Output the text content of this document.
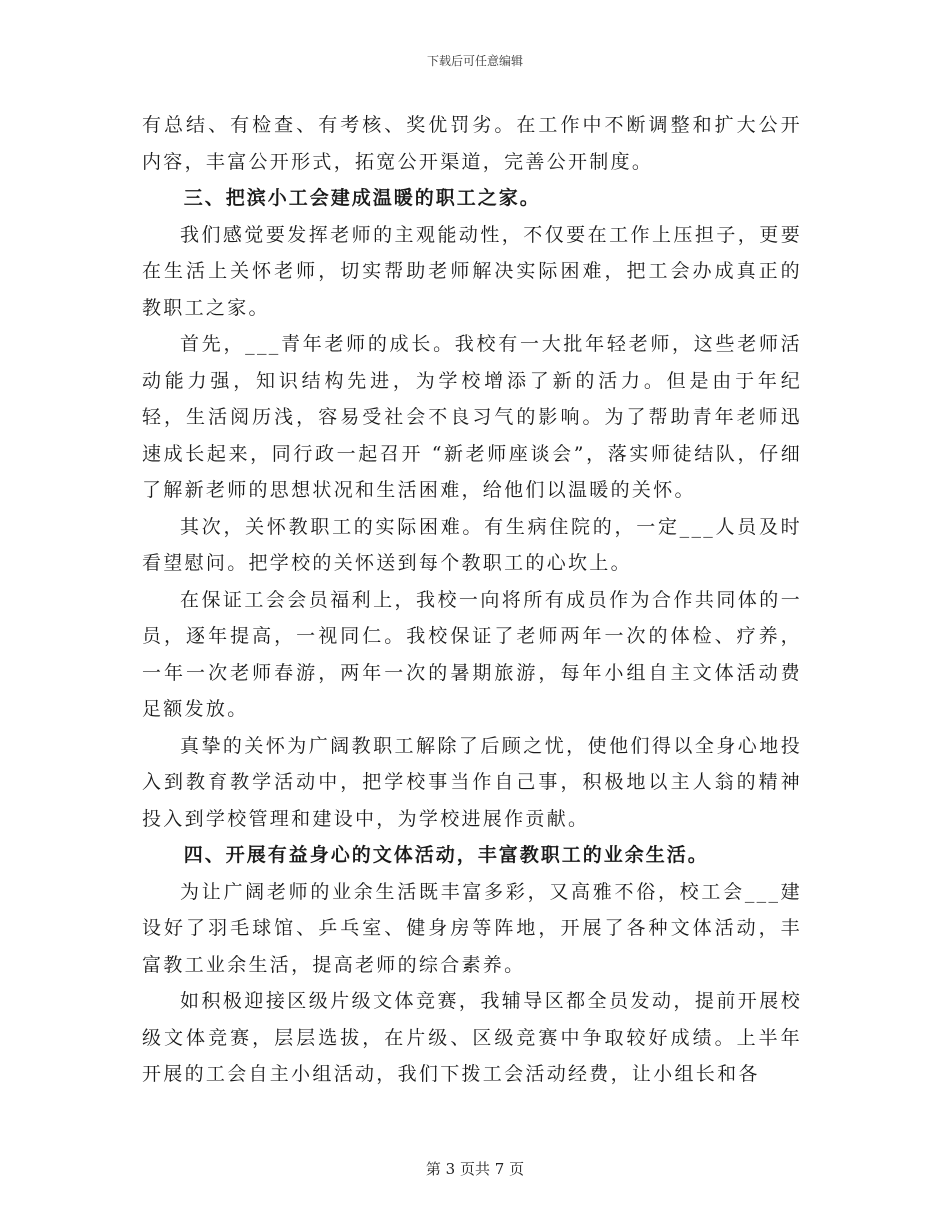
下载后可任意编辑

有总结、有检查、有考核、奖优罚劣。在工作中不断调整和扩大公开内容，丰富公开形式，拓宽公开渠道，完善公开制度。

三、把滨小工会建成温暖的职工之家。

我们感觉要发挥老师的主观能动性，不仅要在工作上压担子，更要在生活上关怀老师，切实帮助老师解决实际困难，把工会办成真正的教职工之家。

首先，___青年老师的成长。我校有一大批年轻老师，这些老师活动能力强，知识结构先进，为学校增添了新的活力。但是由于年纪轻，生活阅历浅，容易受社会不良习气的影响。为了帮助青年老师迅速成长起来，同行政一起召开 “新老师座谈会”，落实师徒结队，仔细了解新老师的思想状况和生活困难，给他们以温暖的关怀。

其次，关怀教职工的实际困难。有生病住院的，一定___人员及时看望慰问。把学校的关怀送到每个教职工的心坎上。

在保证工会会员福利上，我校一向将所有成员作为合作共同体的一员，逐年提高，一视同仁。我校保证了老师两年一次的体检、疗养，一年一次老师春游，两年一次的暑期旅游，每年小组自主文体活动费足额发放。

真挚的关怀为广阔教职工解除了后顾之忧，使他们得以全身心地投入到教育教学活动中，把学校事当作自己事，积极地以主人翁的精神投入到学校管理和建设中，为学校进展作贡献。

四、开展有益身心的文体活动，丰富教职工的业余生活。

为让广阔老师的业余生活既丰富多彩，又高雅不俗，校工会___建设好了羽毛球馆、乒乓室、健身房等阵地，开展了各种文体活动，丰富教工业余生活，提高老师的综合素养。

如积极迎接区级片级文体竞赛，我辅导区都全员发动，提前开展校级文体竞赛，层层选拔，在片级、区级竞赛中争取较好成绩。上半年开展的工会自主小组活动，我们下拨工会活动经费，让小组长和各

第 3 页共 7 页
